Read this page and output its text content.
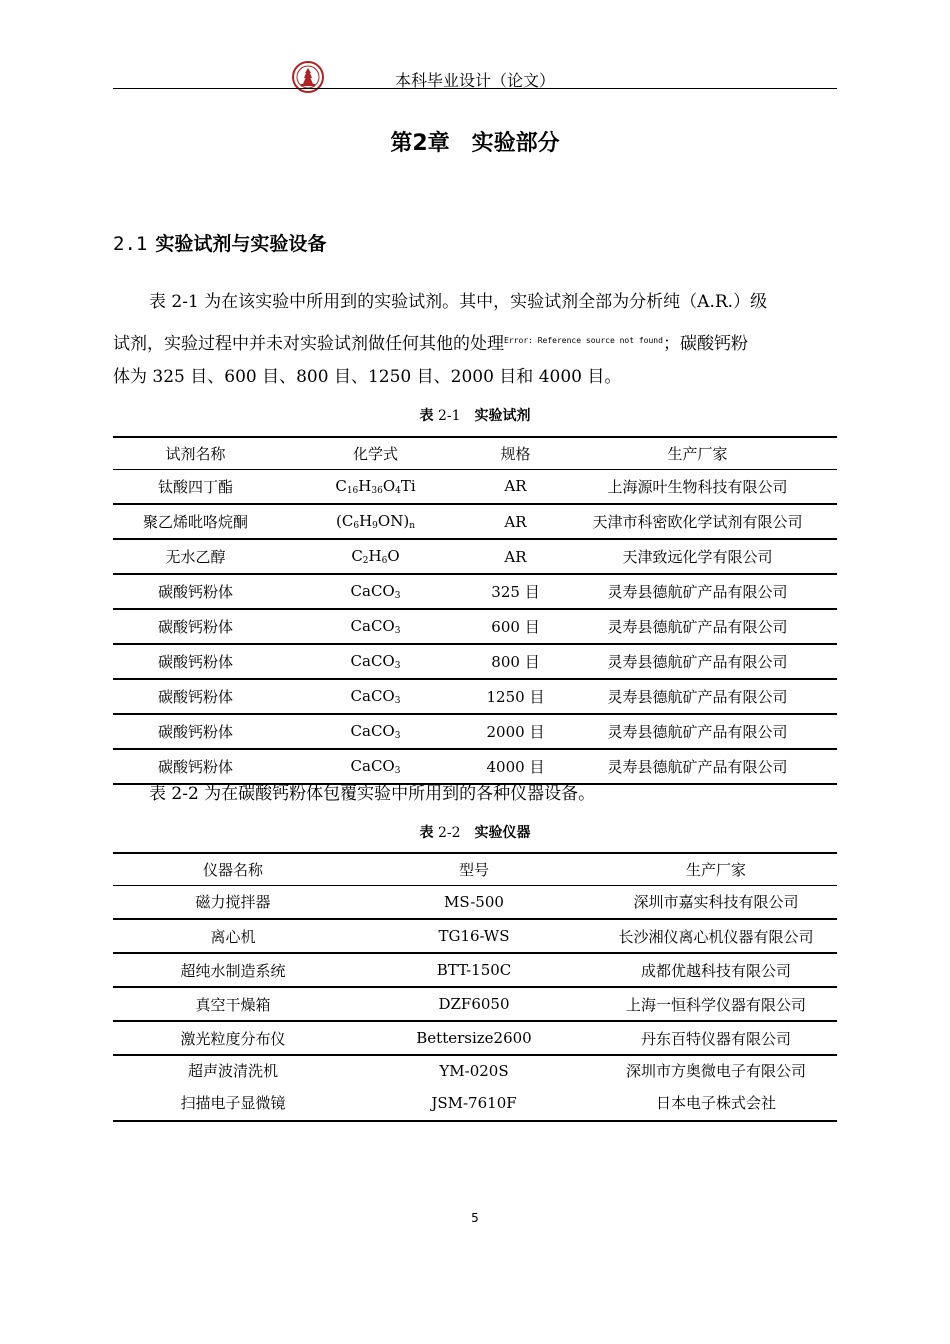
本科毕业设计（论文）
第2章　实验部分
2.1 实验试剂与实验设备
表 2-1 为在该实验中所用到的实验试剂。其中，实验试剂全部为分析纯（A.R.）级
试剂，实验过程中并未对实验试剂做任何其他的处理$^{Error: Reference source not found}$；碳酸钙粉
体为 325 目、600 目、800 目、1250 目、2000 目和 4000 目。
表 2-1  实验试剂
试剂名称	化学式	规格	生产厂家
钛酸四丁酯	$C_{16}H_{36}O_4Ti$	AR	上海源叶生物科技有限公司
聚乙烯吡咯烷酮	$(C_6H_9ON)_n$	AR	天津市科密欧化学试剂有限公司
无水乙醇	$C_2H_6O$	AR	天津致远化学有限公司
碳酸钙粉体	CaCO$_3$	325 目	灵寿县德航矿产品有限公司
碳酸钙粉体	CaCO$_3$	600 目	灵寿县德航矿产品有限公司
碳酸钙粉体	CaCO$_3$	800 目	灵寿县德航矿产品有限公司
碳酸钙粉体	CaCO$_3$	1250 目	灵寿县德航矿产品有限公司
碳酸钙粉体	CaCO$_3$	2000 目	灵寿县德航矿产品有限公司
碳酸钙粉体	CaCO$_3$	4000 目	灵寿县德航矿产品有限公司
表 2-2 为在碳酸钙粉体包覆实验中所用到的各种仪器设备。
表 2-2  实验仪器
仪器名称	型号	生产厂家
磁力搅拌器	MS-500	深圳市嘉实科技有限公司
离心机	TG16-WS	长沙湘仪离心机仪器有限公司
超纯水制造系统	BTT-150C	成都优越科技有限公司
真空干燥箱	DZF6050	上海一恒科学仪器有限公司
激光粒度分布仪	Bettersize2600	丹东百特仪器有限公司
超声波清洗机	YM-020S	深圳市方奥微电子有限公司
扫描电子显微镜	JSM-7610F	日本电子株式会社
5
